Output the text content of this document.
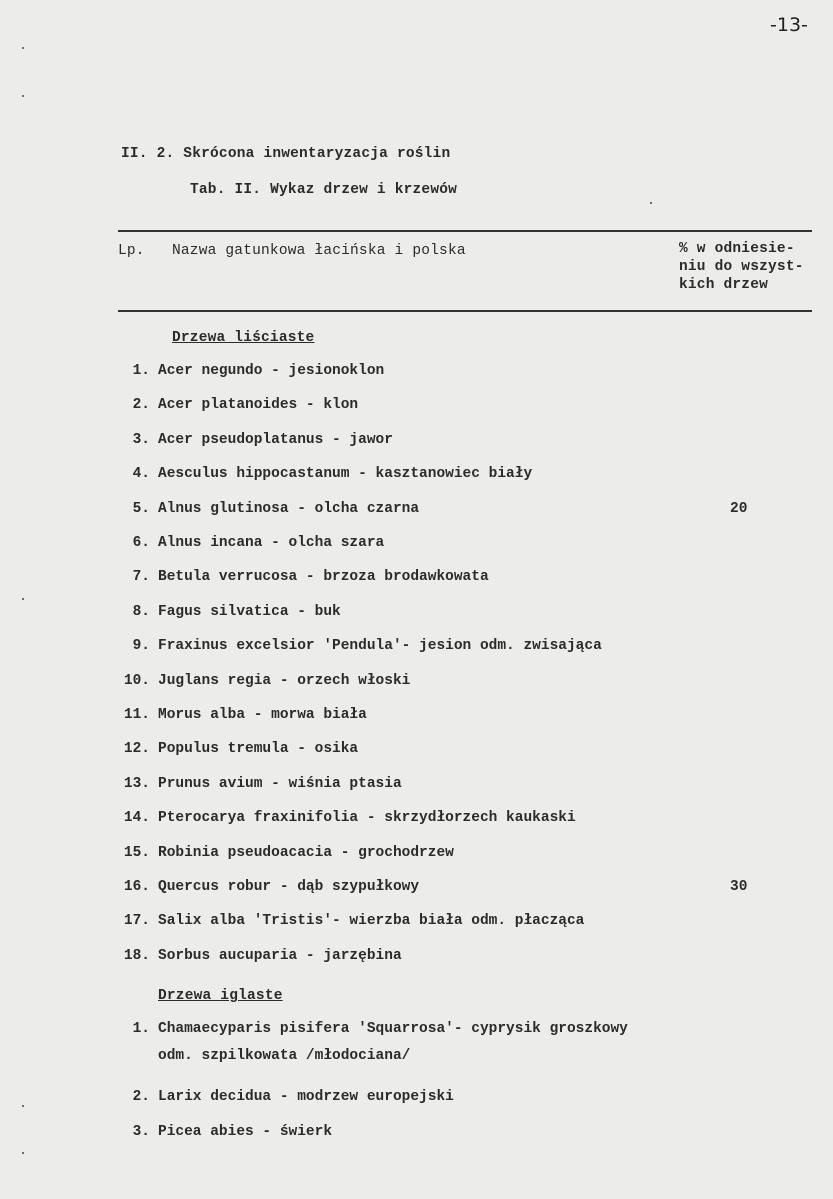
-13-
II. 2. Skrócona inwentaryzacja roślin
Tab. II. Wykaz drzew i krzewów
Lp. Nazwa gatunkowa łacińska i polska	% w odniesie- niu do wszyst- kich drzew
Drzewa liściaste
1. Acer negundo - jesionoklon
2. Acer platanoides - klon
3. Acer pseudoplatanus - jawor
4. Aesculus hippocastanum - kasztanowiec biały
5. Alnus glutinosa - olcha czarna	20
6. Alnus incana - olcha szara
7. Betula verrucosa - brzoza brodawkowata
8. Fagus silvatica - buk
9. Fraxinus excelsior 'Pendula'- jesion odm. zwisająca
10. Juglans regia - orzech włoski
11. Morus alba - morwa biała
12. Populus tremula - osika
13. Prunus avium - wiśnia ptasia
14. Pterocarya fraxinifolia - skrzydłorzech kaukaski
15. Robinia pseudoacacia - grochodrzew
16. Quercus robur - dąb szypułkowy	30
17. Salix alba 'Tristis'- wierzba biała odm. płacząca
18. Sorbus aucuparia - jarzębina
Drzewa iglaste
1. Chamaecyparis pisifera 'Squarrosa'- cyprysik groszkowy
odm. szpilkowata /młodociana/
2. Larix decidua - modrzew europejski
3. Picea abies - świerk
